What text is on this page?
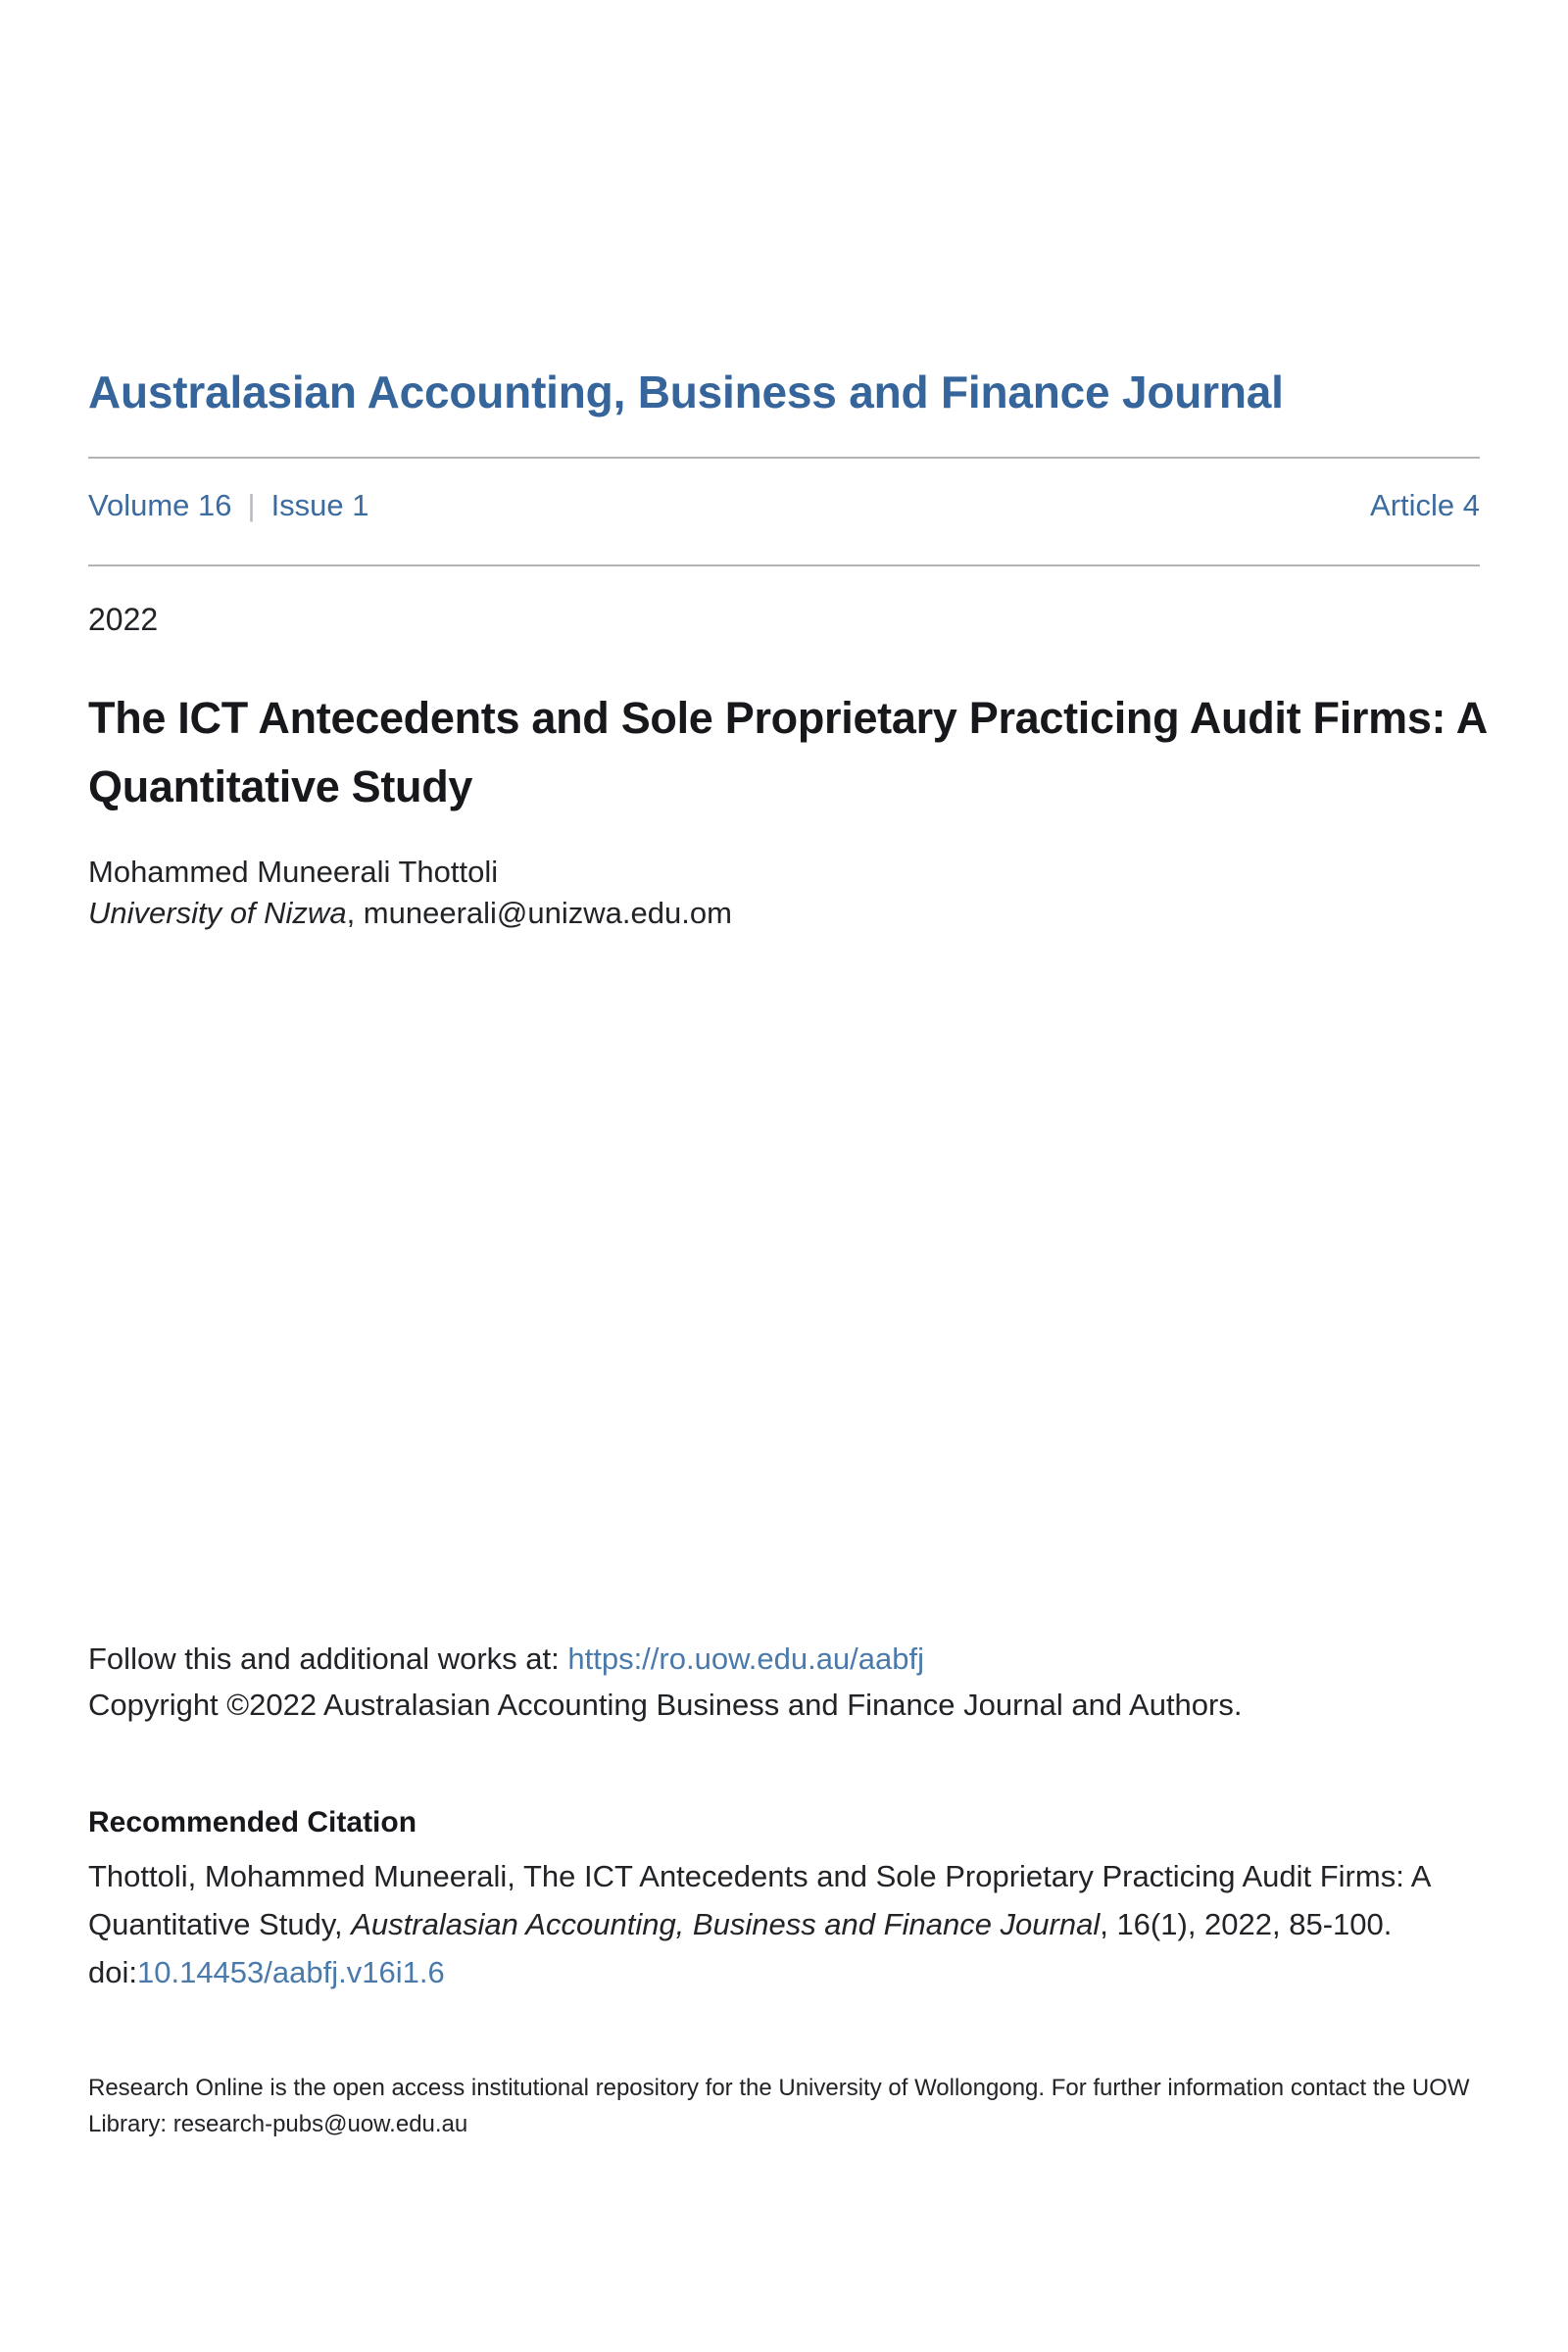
Australasian Accounting, Business and Finance Journal
Volume 16 | Issue 1	Article 4
2022
The ICT Antecedents and Sole Proprietary Practicing Audit Firms: A Quantitative Study
Mohammed Muneerali Thottoli
University of Nizwa, muneerali@unizwa.edu.om
Follow this and additional works at: https://ro.uow.edu.au/aabfj
Copyright ©2022 Australasian Accounting Business and Finance Journal and Authors.
Recommended Citation

Thottoli, Mohammed Muneerali, The ICT Antecedents and Sole Proprietary Practicing Audit Firms: A Quantitative Study, Australasian Accounting, Business and Finance Journal, 16(1), 2022, 85-100. doi:10.14453/aabfj.v16i1.6

Research Online is the open access institutional repository for the University of Wollongong. For further information contact the UOW Library: research-pubs@uow.edu.au
